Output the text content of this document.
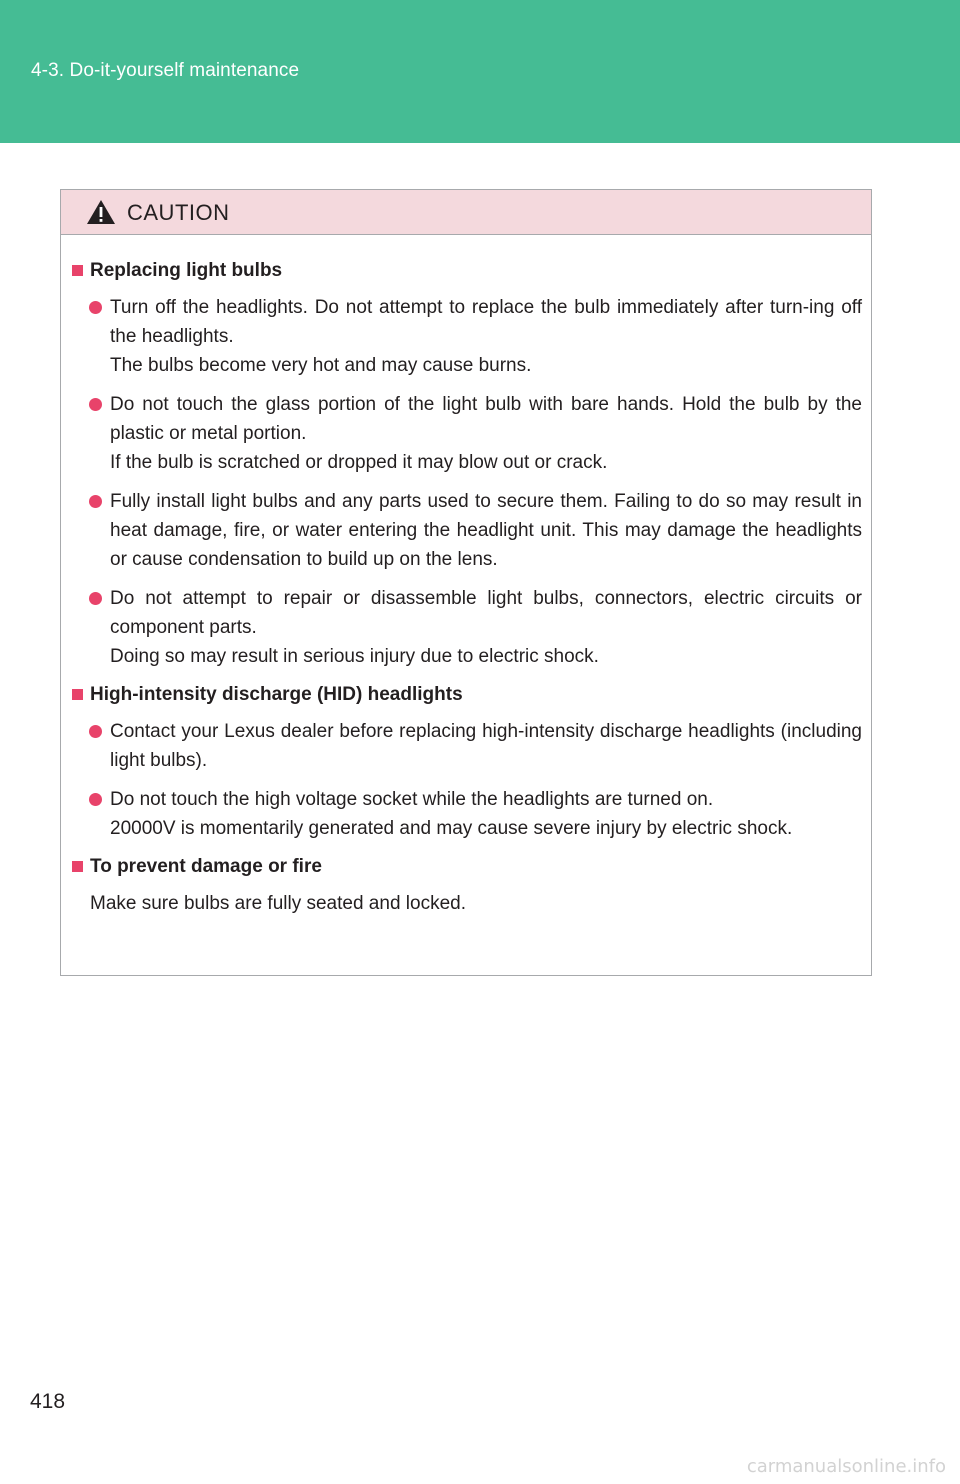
4-3. Do-it-yourself maintenance
CAUTION
Replacing light bulbs
Turn off the headlights. Do not attempt to replace the bulb immediately after turn-ing off the headlights.
The bulbs become very hot and may cause burns.
Do not touch the glass portion of the light bulb with bare hands. Hold the bulb by the plastic or metal portion.
If the bulb is scratched or dropped it may blow out or crack.
Fully install light bulbs and any parts used to secure them. Failing to do so may result in heat damage, fire, or water entering the headlight unit. This may damage the headlights or cause condensation to build up on the lens.
Do not attempt to repair or disassemble light bulbs, connectors, electric circuits or component parts.
Doing so may result in serious injury due to electric shock.
High-intensity discharge (HID) headlights
Contact your Lexus dealer before replacing high-intensity discharge headlights (including light bulbs).
Do not touch the high voltage socket while the headlights are turned on.
20000V is momentarily generated and may cause severe injury by electric shock.
To prevent damage or fire
Make sure bulbs are fully seated and locked.
418
carmanualsonline.info
